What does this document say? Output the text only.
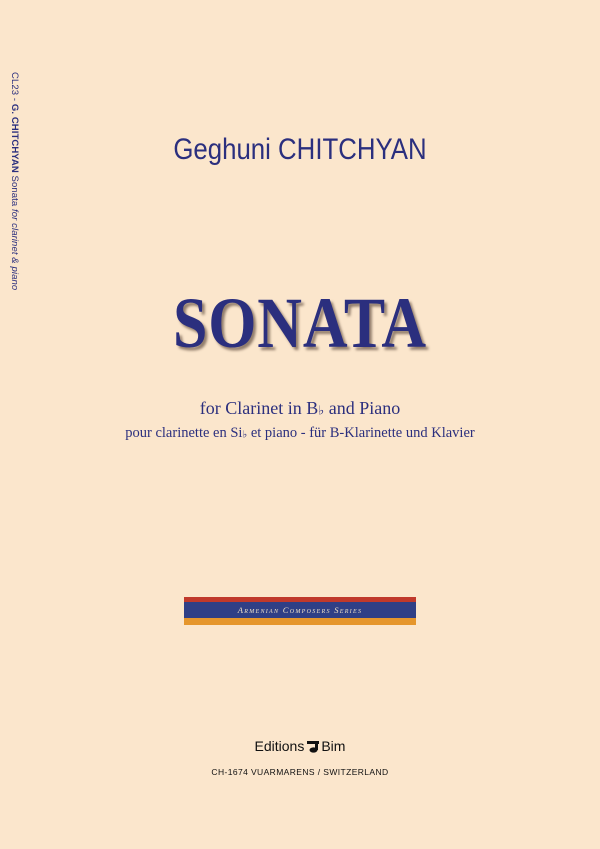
CL23 - G. CHITCHYAN Sonata for clarinet & piano
Geghuni CHITCHYAN
SONATA
for Clarinet in B♭ and Piano
pour clarinette en Si♭ et piano - für B-Klarinette und Klavier
Armenian Composers Series
Editions Bim
CH-1674 VUARMARENS / SWITZERLAND
